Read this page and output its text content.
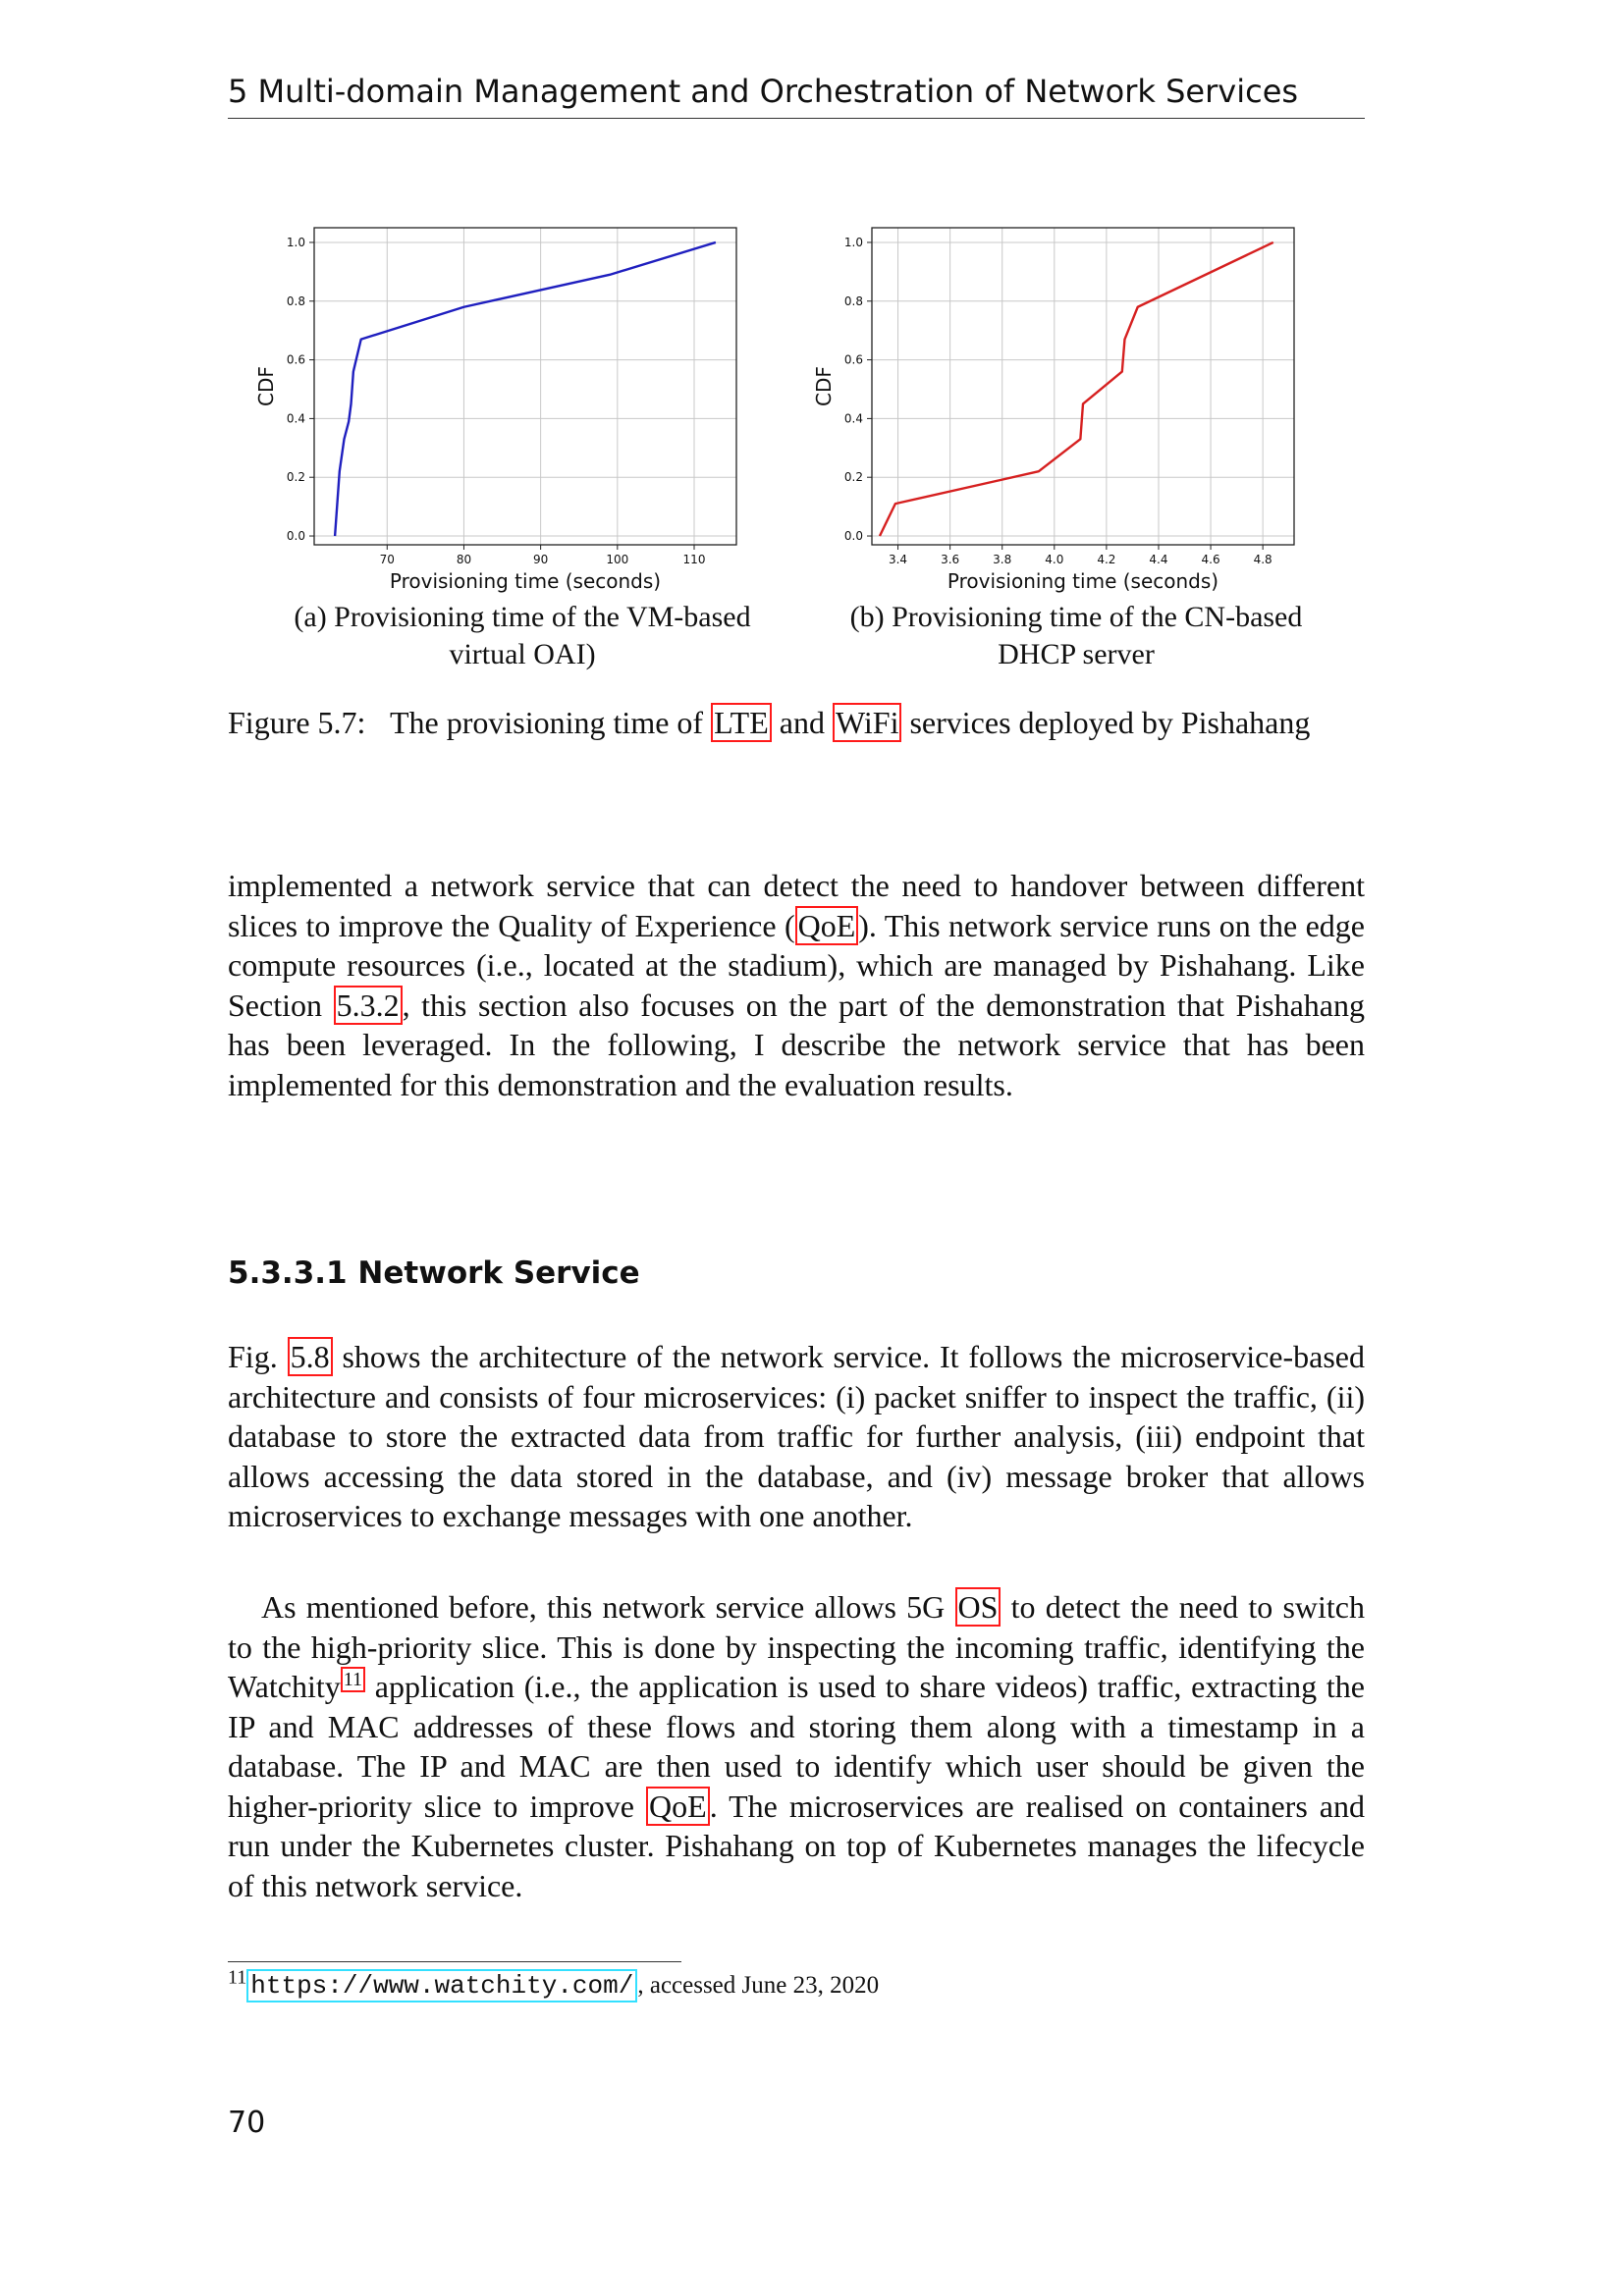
5 Multi-domain Management and Orchestration of Network Services
70	80	90	100	110
0.0
0.2
0.4
0.6
0.8
1.0
Provisioning time (seconds)
CDF
3.4	3.6	3.8	4.0	4.2	4.4	4.6	4.8
0.0
0.2
0.4
0.6
0.8
1.0
Provisioning time (seconds)
CDF
(a) Provisioning time of the VM-based
virtual OAI)
(b) Provisioning time of the CN-based
DHCP server
Figure 5.7: The provisioning time of LTE and WiFi services deployed by Pishahang

implemented a network service that can detect the need to handover between different slices to improve the Quality of Experience (QoE). This network service runs on the edge compute resources (i.e., located at the stadium), which are managed by Pishahang. Like Section 5.3.2, this section also focuses on the part of the demonstration that Pishahang has been leveraged. In the following, I describe the network service that has been implemented for this demonstration and the evaluation results.

5.3.3.1 Network Service

Fig. 5.8 shows the architecture of the network service. It follows the microservice-based architecture and consists of four microservices: (i) packet sniffer to inspect the traffic, (ii) database to store the extracted data from traffic for further analysis, (iii) endpoint that allows accessing the data stored in the database, and (iv) message broker that allows microservices to exchange messages with one another.

As mentioned before, this network service allows 5G OS to detect the need to switch to the high-priority slice. This is done by inspecting the incoming traffic, identifying the Watchity $^{11}$ application (i.e., the application is used to share videos) traffic, extracting the IP and MAC addresses of these flows and storing them along with a timestamp in a database. The IP and MAC are then used to identify which user should be given the higher-priority slice to improve QoE. The microservices are realised on containers and run under the Kubernetes cluster. Pishahang on top of Kubernetes manages the lifecycle of this network service.

$^{11}$ https://www.watchity.com/ , accessed June 23, 2020
70
